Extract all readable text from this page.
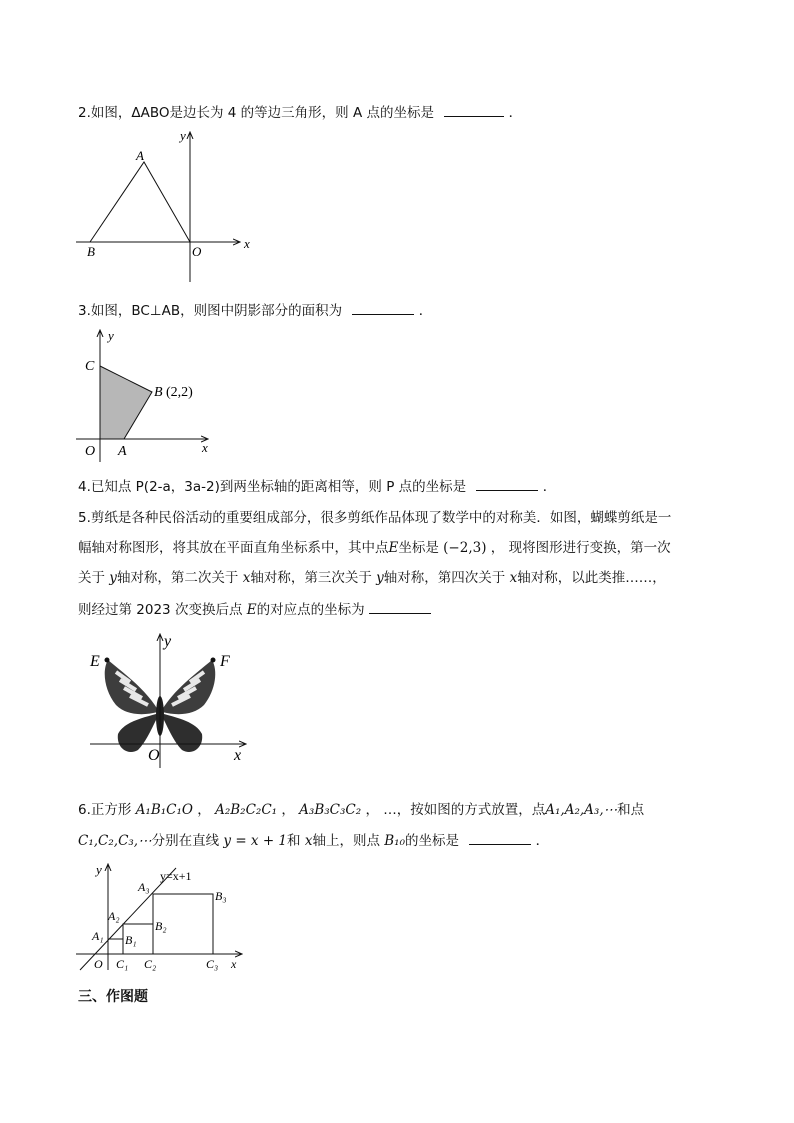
2.如图，ΔABO是边长为 4 的等边三角形，则 A 点的坐标是	．
y
x
A
B	O
3.如图，BC⊥AB，则图中阴影部分的面积为	．
y
x
C
B (2,2)
O A
4.已知点 P(2-a，3a-2)到两坐标轴的距离相等，则 P 点的坐标是	．
5.剪纸是各种民俗活动的重要组成部分，很多剪纸作品体现了数学中的对称美．如图，蝴蝶剪纸是一
幅轴对称图形，将其放在平面直角坐标系中，其中点E坐标是 (−2,3) ， 现将图形进行变换，第一次
关于 y轴对称，第二次关于 x轴对称，第三次关于 y轴对称，第四次关于 x轴对称，以此类推……，
则经过第 2023 次变换后点 E的对应点的坐标为
y
x
E	F
O
6.正方形 A₁B₁C₁O ， A₂B₂C₂C₁ ， A₃B₃C₃C₂ ， …，按如图的方式放置，点A₁,A₂,A₃,⋯和点
C₁,C₂,C₃,⋯分别在直线 y = x + 1和 x轴上，则点 B₁₀的坐标是	．
y	y=x+1
A₁
A₂
A₃
B₁
B₂
B₃
O C₁ C₂	C₃ x
三、作图题
